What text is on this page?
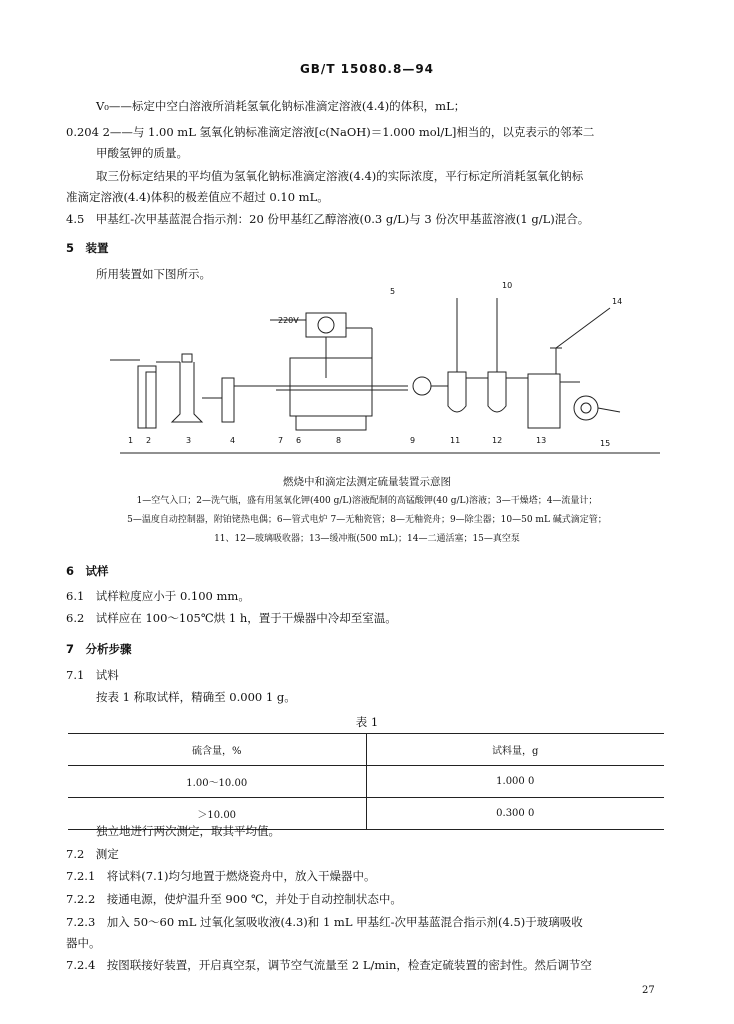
GB/T 15080.8—94
V₀——标定中空白溶液所消耗氢氧化钠标准滴定溶液(4.4)的体积，mL；
0.204 2——与 1.00 mL 氢氧化钠标准滴定溶液[c(NaOH)＝1.000 mol/L]相当的，以克表示的邻苯二
甲酸氢钾的质量。
取三份标定结果的平均值为氢氧化钠标准滴定溶液(4.4)的实际浓度，平行标定所消耗氢氧化钠标
准滴定溶液(4.4)体积的极差值应不超过 0.10 mL。
4.5　甲基红-次甲基蓝混合指示剂：20 份甲基红乙醇溶液(0.3 g/L)与 3 份次甲基蓝溶液(1 g/L)混合。
5　装置
所用装置如下图所示。
220V
1 2	3	4
5
6
7	8	9
10
11	12	13
14
15
燃烧中和滴定法测定硫量装置示意图
1—空气入口；2—洗气瓶，盛有用氢氧化钾(400 g/L)溶液配制的高锰酸钾(40 g/L)溶液；3—干燥塔；4—流量计；
5—温度自动控制器，附铂铑热电偶；6—管式电炉 7—无釉瓷管；8—无釉瓷舟；9—除尘器；10—50 mL 碱式滴定管；
11、12—玻璃吸收器；13—缓冲瓶(500 mL)；14—二通活塞；15—真空泵
6　试样
6.1　试样粒度应小于 0.100 mm。
6.2　试样应在 100～105℃烘 1 h，置于干燥器中冷却至室温。
7　分析步骤
7.1　试料
按表 1 称取试样，精确至 0.000 1 g。
表 1
硫含量，%	试料量，g
1.00～10.00	1.000 0
＞10.00	0.300 0
独立地进行两次测定，取其平均值。
7.2　测定
7.2.1　将试料(7.1)均匀地置于燃烧瓷舟中，放入干燥器中。
7.2.2　接通电源，使炉温升至 900 ℃，并处于自动控制状态中。
7.2.3　加入 50～60 mL 过氧化氢吸收液(4.3)和 1 mL 甲基红-次甲基蓝混合指示剂(4.5)于玻璃吸收
器中。
7.2.4　按图联接好装置，开启真空泵，调节空气流量至 2 L/min，检查定硫装置的密封性。然后调节空
27
